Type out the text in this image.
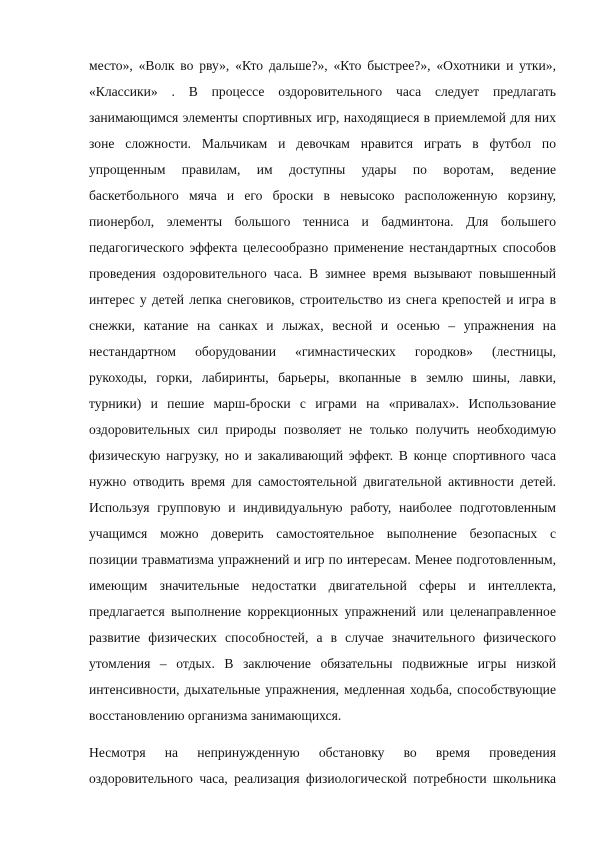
место», «Волк во рву», «Кто дальше?», «Кто быстрее?», «Охотники и утки»,
«Классики» . В процессе оздоровительного часа следует предлагать
занимающимся элементы спортивных игр, находящиеся в приемлемой для них
зоне сложности. Мальчикам и девочкам нравится играть в футбол по
упрощенным правилам, им доступны удары по воротам, ведение
баскетбольного мяча и его броски в невысоко расположенную корзину,
пионербол, элементы большого тенниса и бадминтона. Для большего
педагогического эффекта целесообразно применение нестандартных способов
проведения оздоровительного часа. В зимнее время вызывают повышенный
интерес у детей лепка снеговиков, строительство из снега крепостей и игра в
снежки, катание на санках и лыжах, весной и осенью – упражнения на
нестандартном оборудовании «гимнастических городков» (лестницы,
рукоходы, горки, лабиринты, барьеры, вкопанные в землю шины, лавки,
турники) и пешие марш-броски с играми на «привалах». Использование
оздоровительных сил природы позволяет не только получить необходимую
физическую нагрузку, но и закаливающий эффект. В конце спортивного часа
нужно отводить время для самостоятельной двигательной активности детей.
Используя групповую и индивидуальную работу, наиболее подготовленным
учащимся можно доверить самостоятельное выполнение безопасных с
позиции травматизма упражнений и игр по интересам. Менее подготовленным,
имеющим значительные недостатки двигательной сферы и интеллекта,
предлагается выполнение коррекционных упражнений или целенаправленное
развитие физических способностей, а в случае значительного физического
утомления – отдых. В заключение обязательны подвижные игры низкой
интенсивности, дыхательные упражнения, медленная ходьба, способствующие
восстановлению организма занимающихся.
Несмотря на непринужденную обстановку во время проведения
оздоровительного часа, реализация физиологической потребности школьника
